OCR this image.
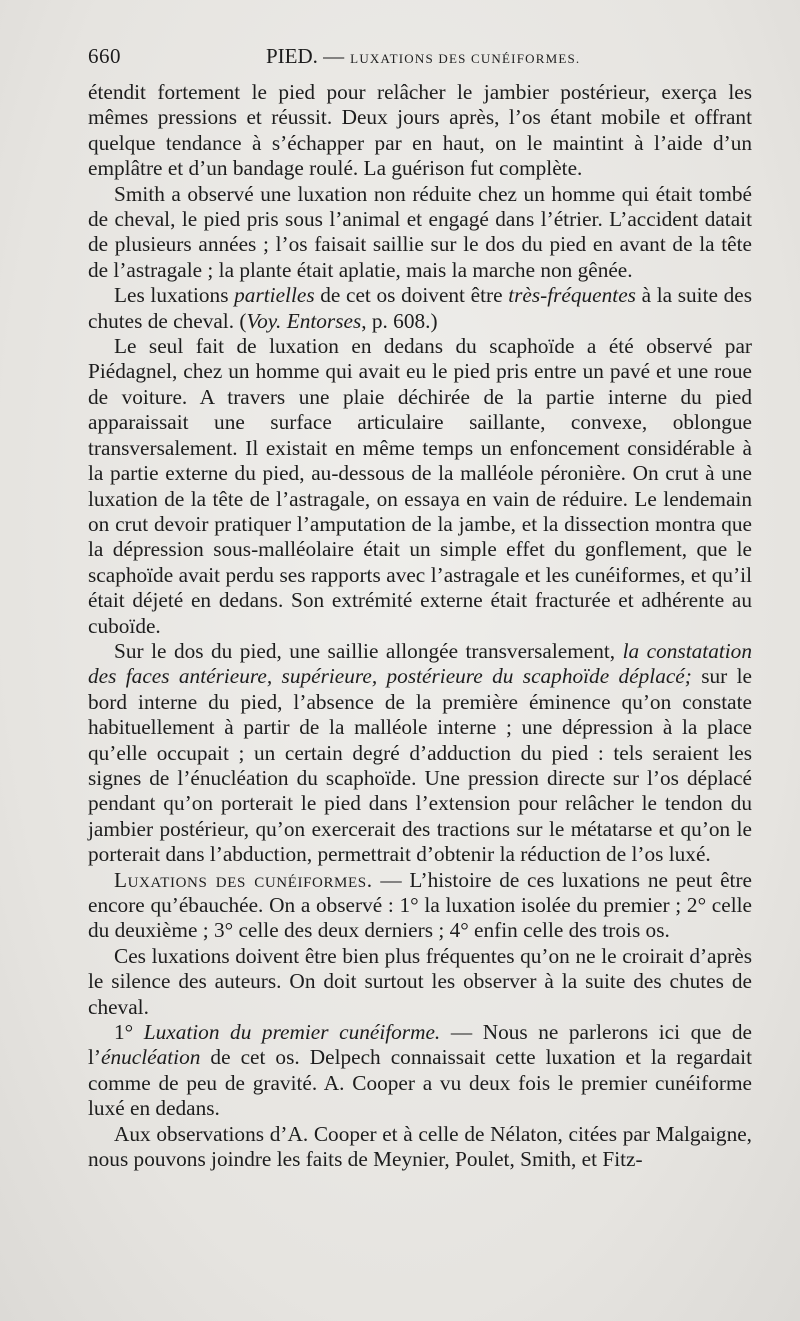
660	PIED. — LUXATIONS DES CUNÉIFORMES.

étendit fortement le pied pour relâcher le jambier postérieur, exerça les mêmes pressions et réussit. Deux jours après, l’os étant mobile et offrant quelque tendance à s’échapper par en haut, on le maintint à l’aide d’un emplâtre et d’un bandage roulé. La guérison fut complète.

Smith a observé une luxation non réduite chez un homme qui était tombé de cheval, le pied pris sous l’animal et engagé dans l’étrier. L’accident datait de plusieurs années ; l’os faisait saillie sur le dos du pied en avant de la tête de l’astragale ; la plante était aplatie, mais la marche non gênée.

Les luxations partielles de cet os doivent être très-fréquentes à la suite des chutes de cheval. (Voy. Entorses, p. 608.)

Le seul fait de luxation en dedans du scaphoïde a été observé par Piédagnel, chez un homme qui avait eu le pied pris entre un pavé et une roue de voiture. A travers une plaie déchirée de la partie interne du pied apparaissait une surface articulaire saillante, convexe, oblongue transversalement. Il existait en même temps un enfoncement considérable à la partie externe du pied, au-dessous de la malléole péronière. On crut à une luxation de la tête de l’astragale, on essaya en vain de réduire. Le lendemain on crut devoir pratiquer l’amputation de la jambe, et la dissection montra que la dépression sous-malléolaire était un simple effet du gonflement, que le scaphoïde avait perdu ses rapports avec l’astragale et les cunéiformes, et qu’il était déjeté en dedans. Son extrémité externe était fracturée et adhérente au cuboïde.

Sur le dos du pied, une saillie allongée transversalement, la constatation des faces antérieure, supérieure, postérieure du scaphoïde déplacé; sur le bord interne du pied, l’absence de la première éminence qu’on constate habituellement à partir de la malléole interne ; une dépression à la place qu’elle occupait ; un certain degré d’adduction du pied : tels seraient les signes de l’énucléation du scaphoïde. Une pression directe sur l’os déplacé pendant qu’on porterait le pied dans l’extension pour relâcher le tendon du jambier postérieur, qu’on exercerait des tractions sur le métatarse et qu’on le porterait dans l’abduction, permettrait d’obtenir la réduction de l’os luxé.

Luxations des cunéiformes. — L’histoire de ces luxations ne peut être encore qu’ébauchée. On a observé : 1° la luxation isolée du premier ; 2° celle du deuxième ; 3° celle des deux derniers ; 4° enfin celle des trois os.

Ces luxations doivent être bien plus fréquentes qu’on ne le croirait d’après le silence des auteurs. On doit surtout les observer à la suite des chutes de cheval.

1° Luxation du premier cunéiforme. — Nous ne parlerons ici que de l’énucléation de cet os. Delpech connaissait cette luxation et la regardait comme de peu de gravité. A. Cooper a vu deux fois le premier cunéiforme luxé en dedans.

Aux observations d’A. Cooper et à celle de Nélaton, citées par Malgaigne, nous pouvons joindre les faits de Meynier, Poulet, Smith, et Fitz-
